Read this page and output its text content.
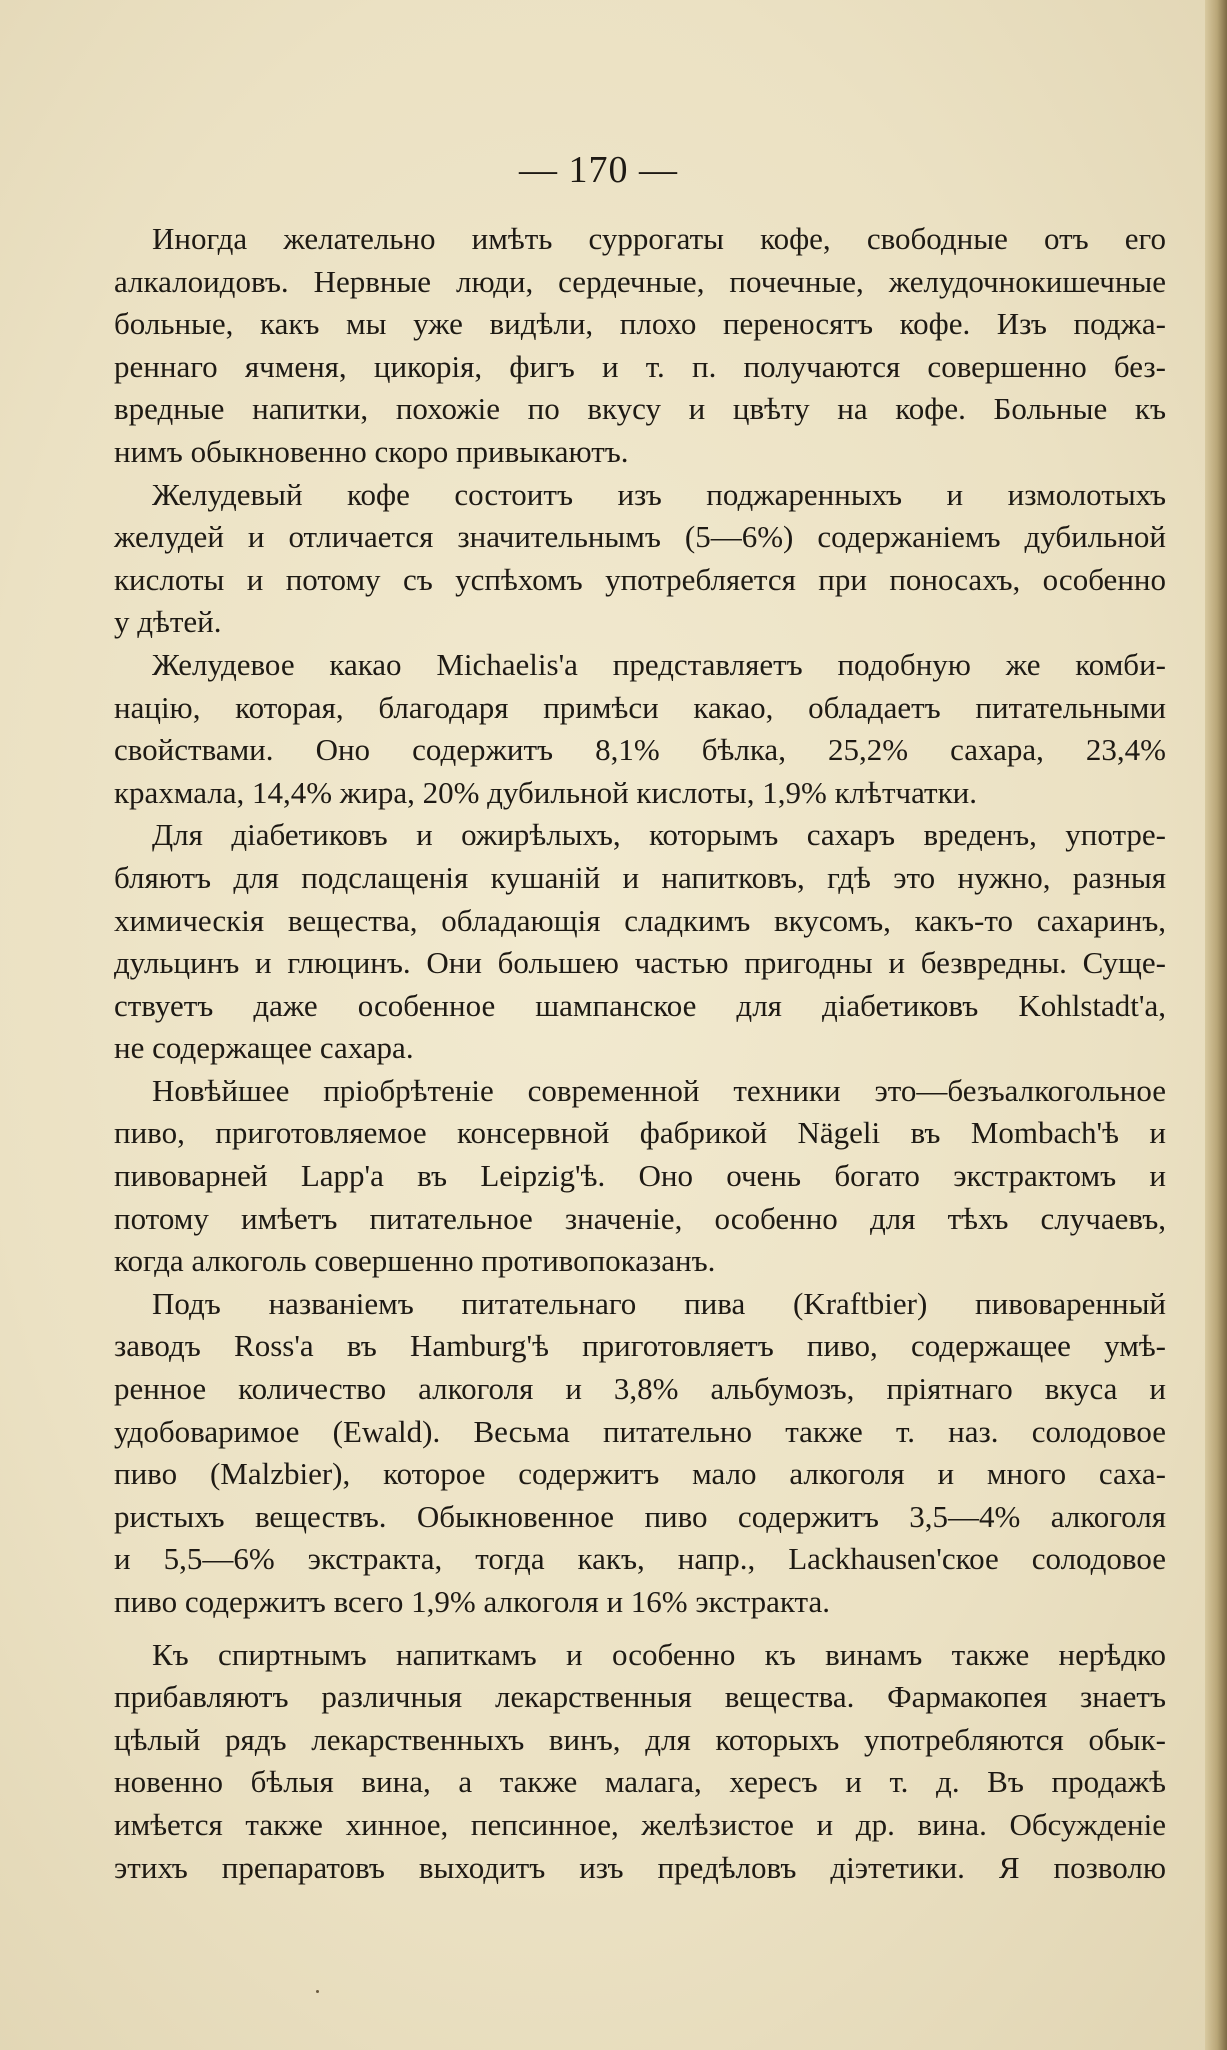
— 170 —
Иногда желательно имѣть суррогаты кофе, свободные отъ его
алкалоидовъ. Нервные люди, сердечные, почечные, желудочнокишечные
больные, какъ мы уже видѣли, плохо переносятъ кофе. Изъ поджа-
реннаго ячменя, цикорія, фигъ и т. п. получаются совершенно без-
вредные напитки, похожіе по вкусу и цвѣту на кофе. Больные къ
нимъ обыкновенно скоро привыкаютъ.
Желудевый кофе состоитъ изъ поджаренныхъ и измолотыхъ
желудей и отличается значительнымъ (5—6%) содержаніемъ дубильной
кислоты и потому съ успѣхомъ употребляется при поносахъ, особенно
у дѣтей.
Желудевое какао Michaelis'а представляетъ подобную же комби-
націю, которая, благодаря примѣси какао, обладаетъ питательными
свойствами. Оно содержитъ 8,1% бѣлка, 25,2% сахара, 23,4%
крахмала, 14,4% жира, 20% дубильной кислоты, 1,9% клѣтчатки.
Для діабетиковъ и ожирѣлыхъ, которымъ сахаръ вреденъ, употре-
бляютъ для подслащенія кушаній и напитковъ, гдѣ это нужно, разныя
химическія вещества, обладающія сладкимъ вкусомъ, какъ-то сахаринъ,
дульцинъ и глюцинъ. Они большею частью пригодны и безвредны. Суще-
ствуетъ даже особенное шампанское для діабетиковъ Kohlstadt'а,
не содержащее сахара.
Новѣйшее пріобрѣтеніе современной техники это—безъалкогольное
пиво, приготовляемое консервной фабрикой Nägeli въ Mombach'ѣ и
пивоварней Lapp'а въ Leipzig'ѣ. Оно очень богато экстрактомъ и
потому имѣетъ питательное значеніе, особенно для тѣхъ случаевъ,
когда алкоголь совершенно противопоказанъ.
Подъ названіемъ питательнаго пива (Kraftbier) пивоваренный
заводъ Ross'а въ Hamburg'ѣ приготовляетъ пиво, содержащее умѣ-
ренное количество алкоголя и 3,8% альбумозъ, пріятнаго вкуса и
удобоваримое (Ewald). Весьма питательно также т. наз. солодовое
пиво (Malzbier), которое содержитъ мало алкоголя и много саха-
ристыхъ веществъ. Обыкновенное пиво содержитъ 3,5—4% алкоголя
и 5,5—6% экстракта, тогда какъ, напр., Lackhausen'ское солодовое
пиво содержитъ всего 1,9% алкоголя и 16% экстракта.
Къ спиртнымъ напиткамъ и особенно къ винамъ также нерѣдко
прибавляютъ различныя лекарственныя вещества. Фармакопея знаетъ
цѣлый рядъ лекарственныхъ винъ, для которыхъ употребляются обык-
новенно бѣлыя вина, а также малага, хересъ и т. д. Въ продажѣ
имѣется также хинное, пепсинное, желѣзистое и др. вина. Обсужденіе
этихъ препаратовъ выходитъ изъ предѣловъ діэтетики. Я позволю
